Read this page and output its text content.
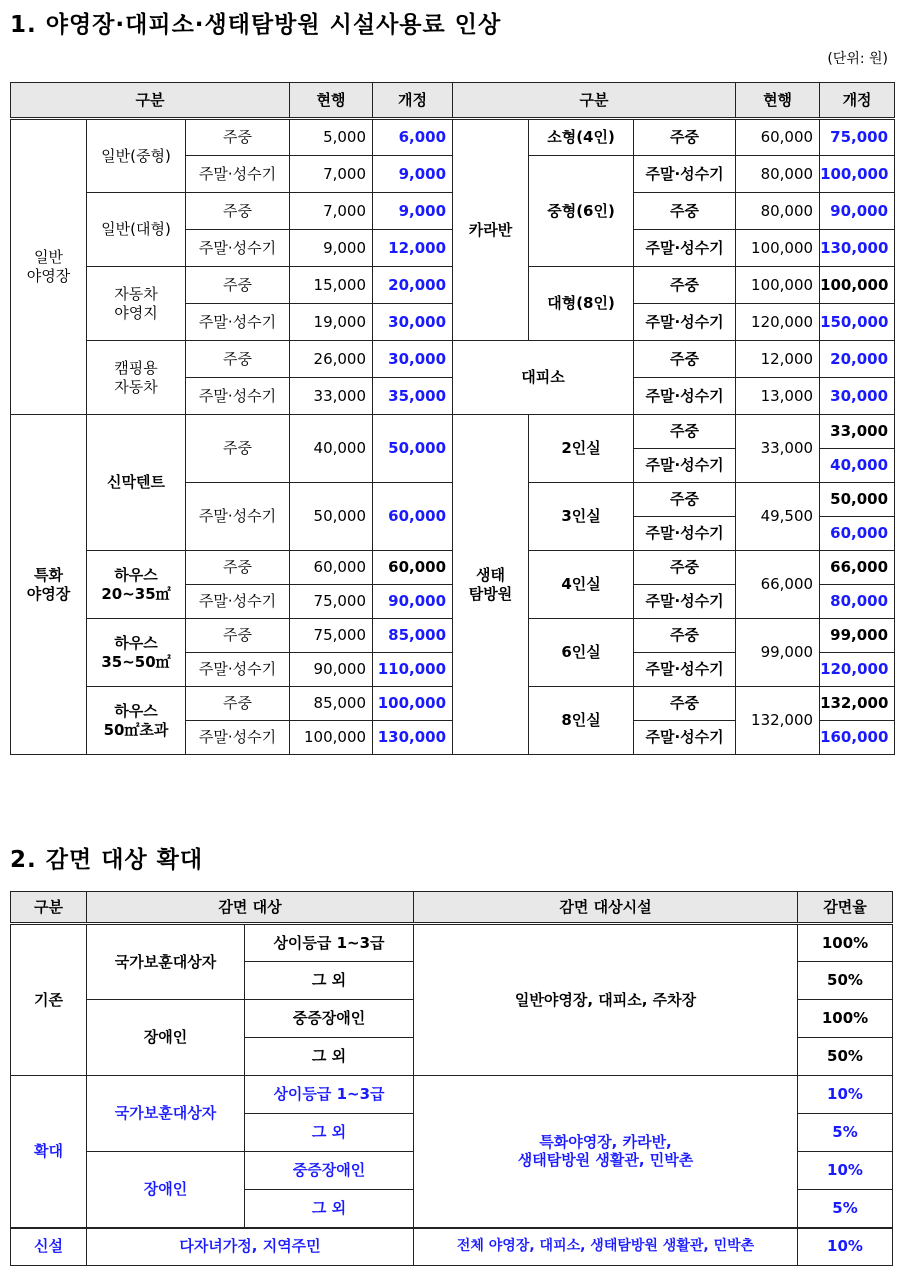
1. 야영장·대피소·생태탐방원 시설사용료 인상
(단위: 원)
구분			현행	개정	구분			현행	개정
일반
야영장	일반(중형)	주중	5,000	6,000	카라반	소형(4인)	주중	60,000	75,000
		주말·성수기	7,000	9,000		중형(6인)	주말·성수기	80,000	100,000
	일반(대형)	주중	7,000	9,000			주중	80,000	90,000
		주말·성수기	9,000	12,000			주말·성수기	100,000	130,000
	자동차
야영지	주중	15,000	20,000		대형(8인)	주중	100,000	100,000
		주말·성수기	19,000	30,000			주말·성수기	120,000	150,000
	캠핑용
자동차	주중	26,000	30,000	대피소		주중	12,000	20,000
		주말·성수기	33,000	35,000			주말·성수기	13,000	30,000
특화
야영장	신막텐트	주중	40,000	50,000	생태
탐방원	2인실	주중	33,000	33,000
							주말·성수기		40,000
		주말·성수기	50,000	60,000		3인실	주중	49,500	50,000
							주말·성수기		60,000
	하우스
20~35㎡	주중	60,000	60,000		4인실	주중	66,000	66,000
		주말·성수기	75,000	90,000			주말·성수기		80,000
	하우스
35~50㎡	주중	75,000	85,000		6인실	주중	99,000	99,000
		주말·성수기	90,000	110,000			주말·성수기		120,000
	하우스
50㎡초과	주중	85,000	100,000		8인실	주중	132,000	132,000
		주말·성수기	100,000	130,000			주말·성수기		160,000
2. 감면 대상 확대
구분	감면 대상		감면 대상시설	감면율
기존	국가보훈대상자	상이등급 1~3급	일반야영장, 대피소, 주차장	100%
		그 외		50%
	장애인	중증장애인		100%
		그 외		50%
확대	국가보훈대상자	상이등급 1~3급	특화야영장, 카라반,
생태탐방원 생활관, 민박촌	10%
		그 외		5%
	장애인	중증장애인		10%
		그 외		5%
신설	다자녀가정, 지역주민		전체 야영장, 대피소, 생태탐방원 생활관, 민박촌	10%
